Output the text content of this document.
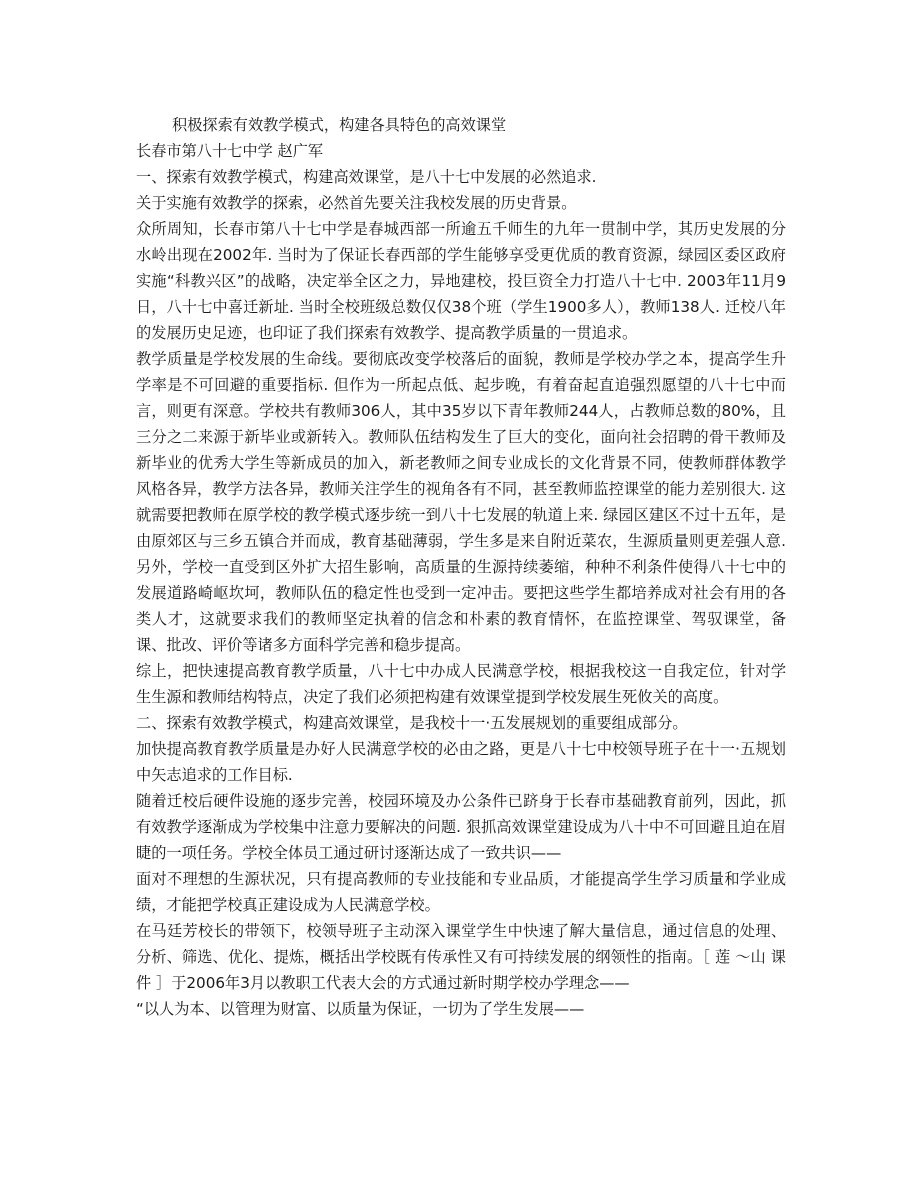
积极探索有效教学模式，构建各具特色的高效课堂
长春市第八十七中学 赵广军

一、探索有效教学模式，构建高效课堂，是八十七中发展的必然追求.

关于实施有效教学的探索，必然首先要关注我校发展的历史背景。

众所周知，长春市第八十七中学是春城西部一所逾五千师生的九年一贯制中学，其历史发展的分水岭出现在2002年. 当时为了保证长春西部的学生能够享受更优质的教育资源，绿园区委区政府实施“科教兴区”的战略，决定举全区之力，异地建校，投巨资全力打造八十七中. 2003年11月9日，八十七中喜迁新址. 当时全校班级总数仅仅38个班（学生1900多人），教师138人. 迁校八年的发展历史足迹，也印证了我们探索有效教学、提高教学质量的一贯追求。

教学质量是学校发展的生命线。要彻底改变学校落后的面貌，教师是学校办学之本，提高学生升学率是不可回避的重要指标. 但作为一所起点低、起步晚，有着奋起直追强烈愿望的八十七中而言，则更有深意。学校共有教师306人，其中35岁以下青年教师244人，占教师总数的80%，且三分之二来源于新毕业或新转入。教师队伍结构发生了巨大的变化，面向社会招聘的骨干教师及新毕业的优秀大学生等新成员的加入，新老教师之间专业成长的文化背景不同，使教师群体教学风格各异，教学方法各异，教师关注学生的视角各有不同，甚至教师监控课堂的能力差别很大. 这就需要把教师在原学校的教学模式逐步统一到八十七发展的轨道上来. 绿园区建区不过十五年，是由原郊区与三乡五镇合并而成，教育基础薄弱，学生多是来自附近菜农，生源质量则更差强人意. 另外，学校一直受到区外扩大招生影响，高质量的生源持续萎缩，种种不利条件使得八十七中的发展道路崎岖坎坷，教师队伍的稳定性也受到一定冲击。要把这些学生都培养成对社会有用的各类人才，这就要求我们的教师坚定执着的信念和朴素的教育情怀，在监控课堂、驾驭课堂，备课、批改、评价等诸多方面科学完善和稳步提高。

综上，把快速提高教育教学质量，八十七中办成人民满意学校，根据我校这一自我定位，针对学生生源和教师结构特点，决定了我们必须把构建有效课堂提到学校发展生死攸关的高度。

二、探索有效教学模式，构建高效课堂，是我校十一·五发展规划的重要组成部分。

加快提高教育教学质量是办好人民满意学校的必由之路，更是八十七中校领导班子在十一·五规划中矢志追求的工作目标.

随着迁校后硬件设施的逐步完善，校园环境及办公条件已跻身于长春市基础教育前列，因此，抓有效教学逐渐成为学校集中注意力要解决的问题. 狠抓高效课堂建设成为八十中不可回避且迫在眉睫的一项任务。学校全体员工通过研讨逐渐达成了一致共识——

面对不理想的生源状况，只有提高教师的专业技能和专业品质，才能提高学生学习质量和学业成绩，才能把学校真正建设成为人民满意学校。

在马廷芳校长的带领下，校领导班子主动深入课堂学生中快速了解大量信息，通过信息的处理、分析、筛选、优化、提炼，概括出学校既有传承性又有可持续发展的纲领性的指南。［ 莲 ～山 课 件 ］于2006年3月以教职工代表大会的方式通过新时期学校办学理念——

“以人为本、以管理为财富、以质量为保证，一切为了学生发展——
